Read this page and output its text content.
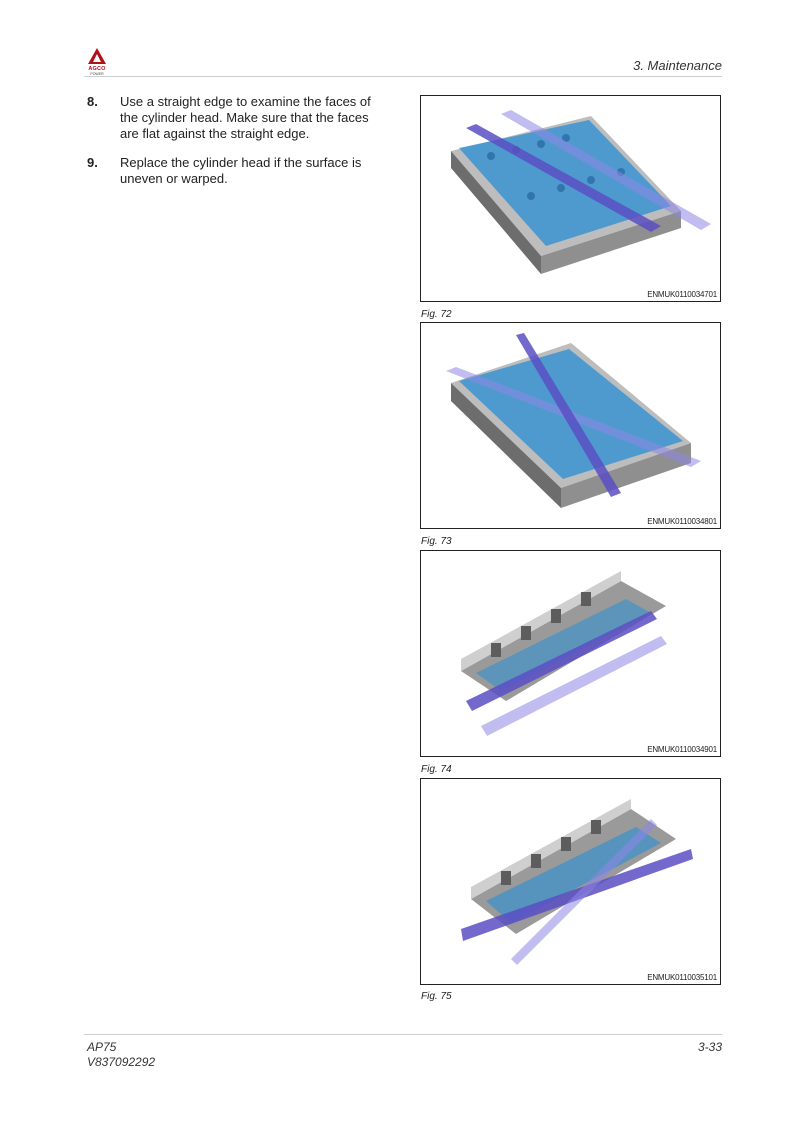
AGCO
POWER
3. Maintenance
8.	Use a straight edge to examine the faces of the cylinder head. Make sure that the faces are flat against the straight edge.
9.	Replace the cylinder head if the surface is uneven or warped.
ENMUK0110034701
Fig. 72
ENMUK0110034801
Fig. 73
ENMUK0110034901
Fig. 74
ENMUK0110035101
Fig. 75
AP75
V837092292
3-33
